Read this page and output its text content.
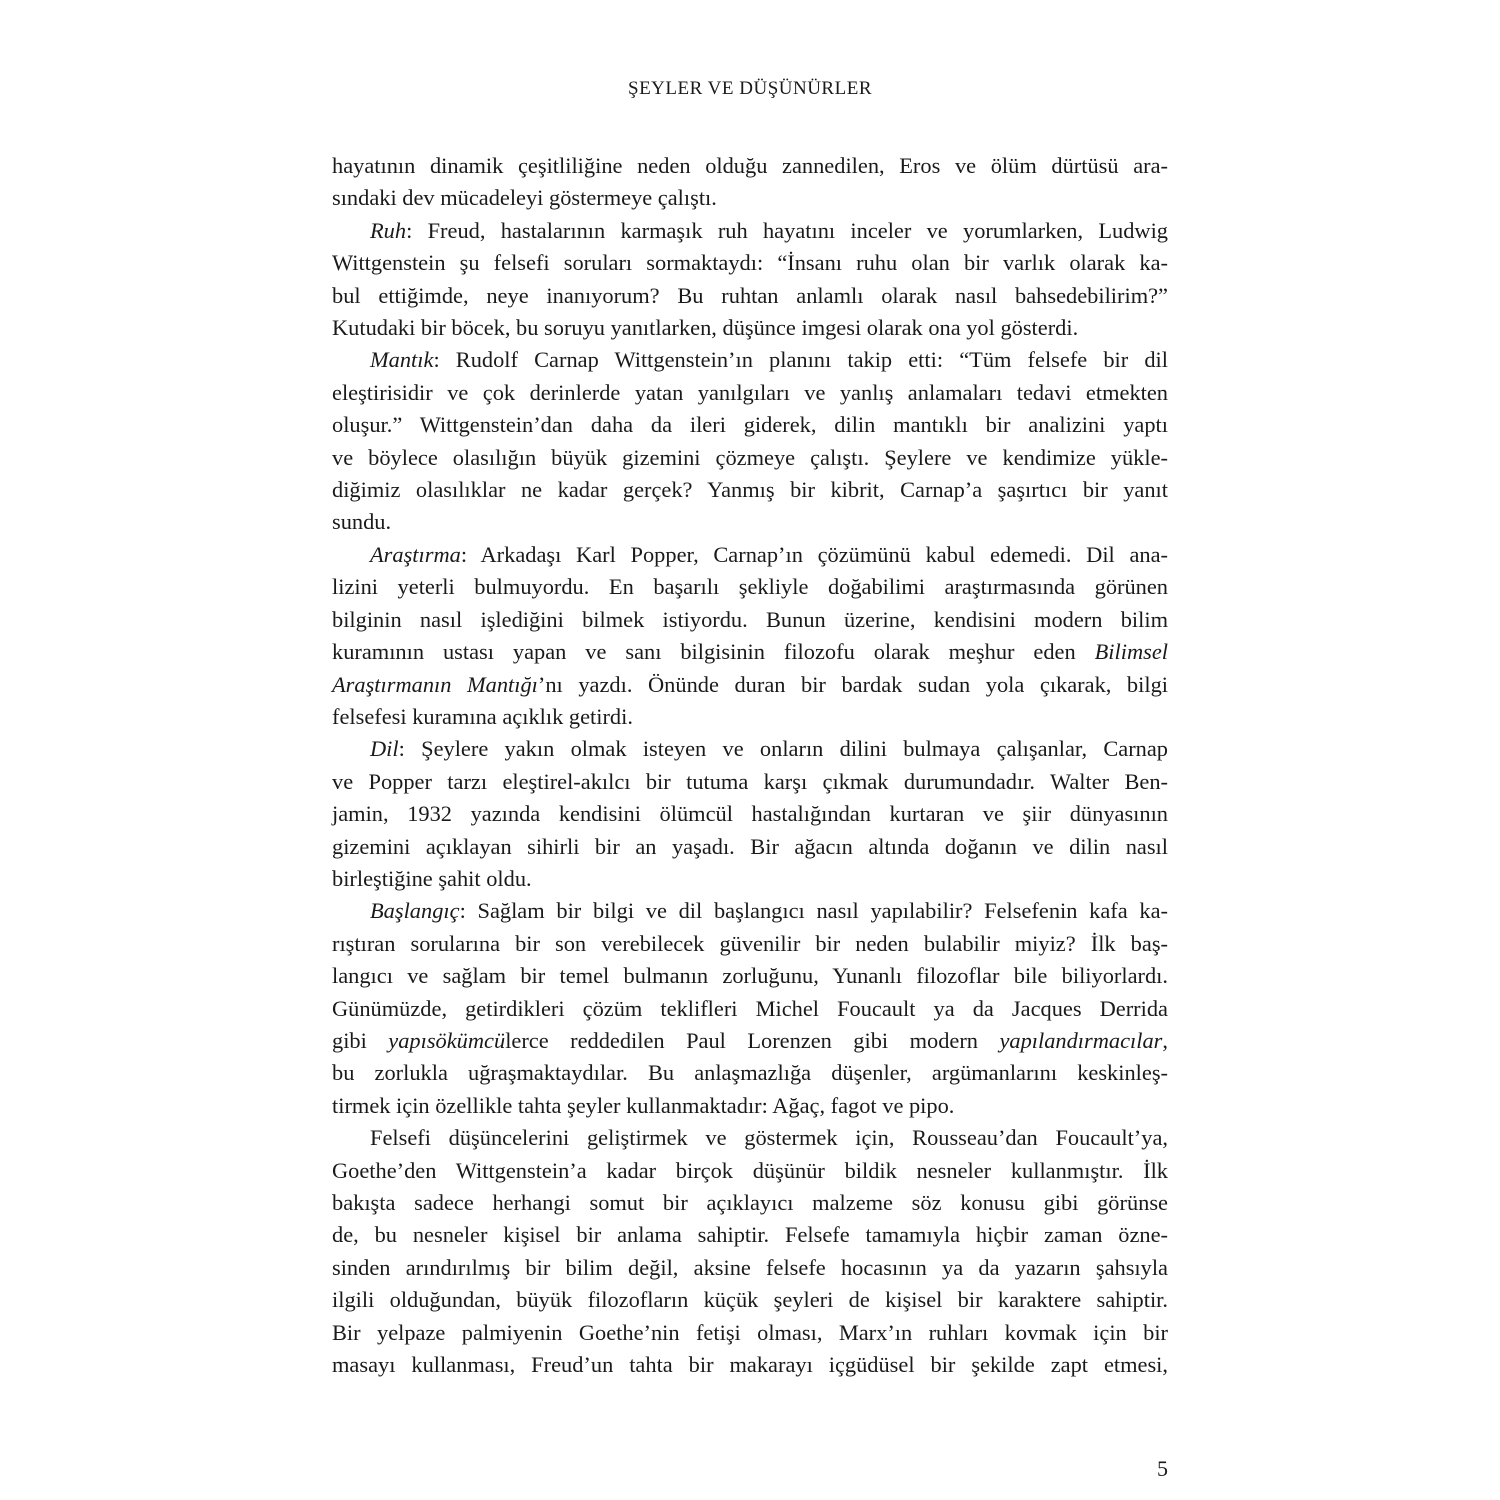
ŞEYLER VE DÜŞÜNÜRLER
hayatının dinamik çeşitliliğine neden olduğu zannedilen, Eros ve ölüm dürtüsü ara-
sındaki dev mücadeleyi göstermeye çalıştı.
Ruh: Freud, hastalarının karmaşık ruh hayatını inceler ve yorumlarken, Ludwig
Wittgenstein şu felsefi soruları sormaktaydı: “İnsanı ruhu olan bir varlık olarak ka-
bul ettiğimde, neye inanıyorum? Bu ruhtan anlamlı olarak nasıl bahsedebilirim?”
Kutudaki bir böcek, bu soruyu yanıtlarken, düşünce imgesi olarak ona yol gösterdi.
Mantık: Rudolf Carnap Wittgenstein’ın planını takip etti: “Tüm felsefe bir dil
eleştirisidir ve çok derinlerde yatan yanılgıları ve yanlış anlamaları tedavi etmekten
oluşur.” Wittgenstein’dan daha da ileri giderek, dilin mantıklı bir analizini yaptı
ve böylece olasılığın büyük gizemini çözmeye çalıştı. Şeylere ve kendimize yükle-
diğimiz olasılıklar ne kadar gerçek? Yanmış bir kibrit, Carnap’a şaşırtıcı bir yanıt
sundu.
Araştırma: Arkadaşı Karl Popper, Carnap’ın çözümünü kabul edemedi. Dil ana-
lizini yeterli bulmuyordu. En başarılı şekliyle doğabilimi araştırmasında görünen
bilginin nasıl işlediğini bilmek istiyordu. Bunun üzerine, kendisini modern bilim
kuramının ustası yapan ve sanı bilgisinin filozofu olarak meşhur eden Bilimsel
Araştırmanın Mantığı’nı yazdı. Önünde duran bir bardak sudan yola çıkarak, bilgi
felsefesi kuramına açıklık getirdi.
Dil: Şeylere yakın olmak isteyen ve onların dilini bulmaya çalışanlar, Carnap
ve Popper tarzı eleştirel-akılcı bir tutuma karşı çıkmak durumundadır. Walter Ben-
jamin, 1932 yazında kendisini ölümcül hastalığından kurtaran ve şiir dünyasının
gizemini açıklayan sihirli bir an yaşadı. Bir ağacın altında doğanın ve dilin nasıl
birleştiğine şahit oldu.
Başlangıç: Sağlam bir bilgi ve dil başlangıcı nasıl yapılabilir? Felsefenin kafa ka-
rıştıran sorularına bir son verebilecek güvenilir bir neden bulabilir miyiz? İlk baş-
langıcı ve sağlam bir temel bulmanın zorluğunu, Yunanlı filozoflar bile biliyorlardı.
Günümüzde, getirdikleri çözüm teklifleri Michel Foucault ya da Jacques Derrida
gibi yapısökümcülerce reddedilen Paul Lorenzen gibi modern yapılandırmacılar,
bu zorlukla uğraşmaktaydılar. Bu anlaşmazlığa düşenler, argümanlarını keskinleş-
tirmek için özellikle tahta şeyler kullanmaktadır: Ağaç, fagot ve pipo.
Felsefi düşüncelerini geliştirmek ve göstermek için, Rousseau’dan Foucault’ya,
Goethe’den Wittgenstein’a kadar birçok düşünür bildik nesneler kullanmıştır. İlk
bakışta sadece herhangi somut bir açıklayıcı malzeme söz konusu gibi görünse
de, bu nesneler kişisel bir anlama sahiptir. Felsefe tamamıyla hiçbir zaman özne-
sinden arındırılmış bir bilim değil, aksine felsefe hocasının ya da yazarın şahsıyla
ilgili olduğundan, büyük filozofların küçük şeyleri de kişisel bir karaktere sahiptir.
Bir yelpaze palmiyenin Goethe’nin fetişi olması, Marx’ın ruhları kovmak için bir
masayı kullanması, Freud’un tahta bir makarayı içgüdüsel bir şekilde zapt etmesi,
5
